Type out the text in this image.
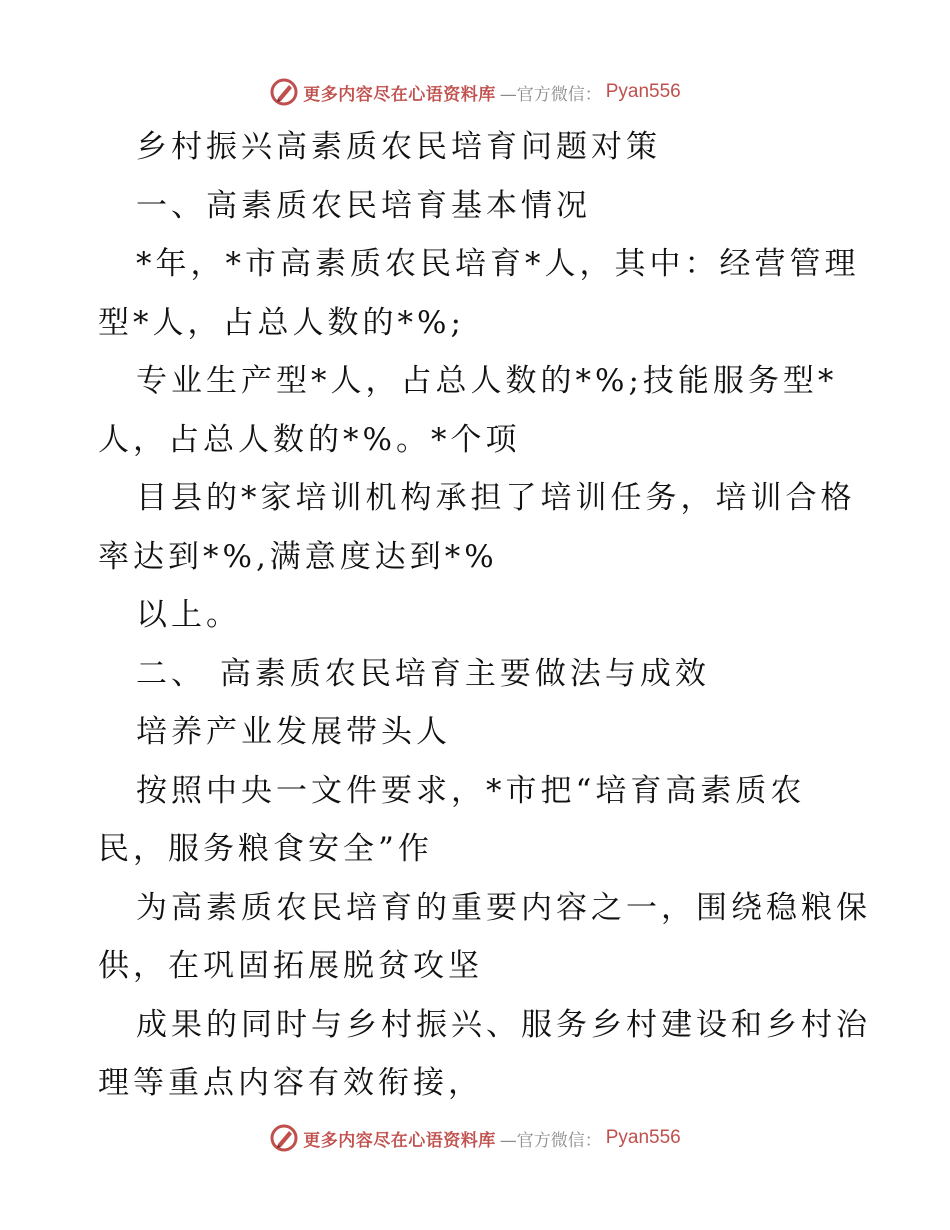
更多内容尽在心语资料库 —官方微信： Pyan556
乡村振兴高素质农民培育问题对策
一、高素质农民培育基本情况
*年，*市高素质农民培育*人，其中：经营管理
型*人，占总人数的*%;
专业生产型*人，占总人数的*%;技能服务型*
人，占总人数的*%。*个项
目县的*家培训机构承担了培训任务，培训合格
率达到*%,满意度达到*%
以上。
二、 高素质农民培育主要做法与成效
培养产业发展带头人
按照中央一文件要求，*市把“培育高素质农
民，服务粮食安全”作
为高素质农民培育的重要内容之一，围绕稳粮保
供，在巩固拓展脱贫攻坚
成果的同时与乡村振兴、服务乡村建设和乡村治
理等重点内容有效衔接，
更多内容尽在心语资料库 —官方微信： Pyan556
